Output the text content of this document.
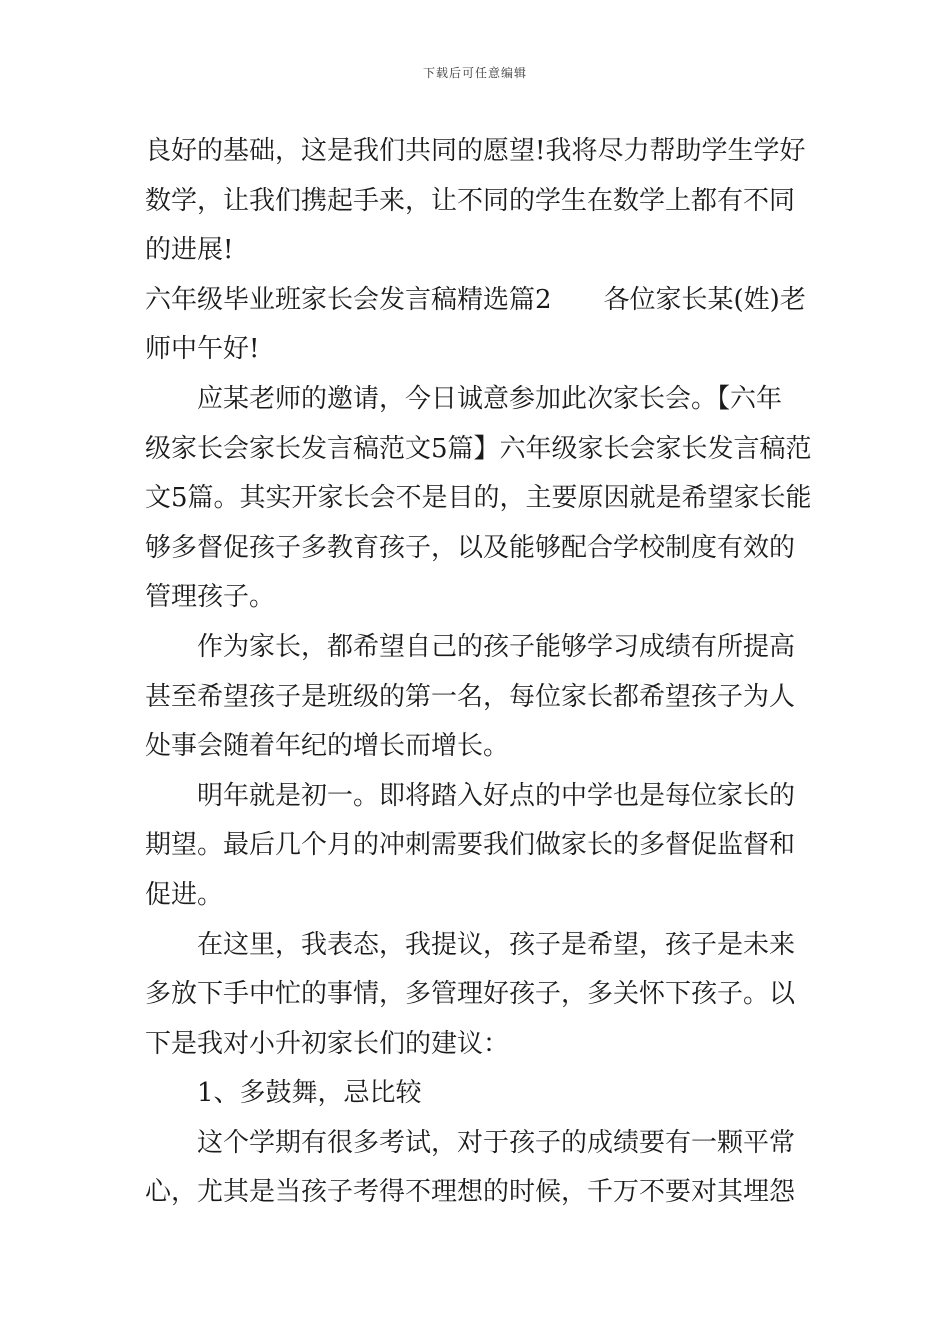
下载后可任意编辑
良好的基础，这是我们共同的愿望!我将尽力帮助学生学好
数学，让我们携起手来，让不同的学生在数学上都有不同
的进展!
六年级毕业班家长会发言稿精选篇2　　各位家长某(姓)老
师中午好!
应某老师的邀请，今日诚意参加此次家长会。【六年
级家长会家长发言稿范文5篇】六年级家长会家长发言稿范
文5篇。其实开家长会不是目的，主要原因就是希望家长能
够多督促孩子多教育孩子，以及能够配合学校制度有效的
管理孩子。
作为家长，都希望自己的孩子能够学习成绩有所提高
甚至希望孩子是班级的第一名，每位家长都希望孩子为人
处事会随着年纪的增长而增长。
明年就是初一。即将踏入好点的中学也是每位家长的
期望。最后几个月的冲刺需要我们做家长的多督促监督和
促进。
在这里，我表态，我提议，孩子是希望，孩子是未来
多放下手中忙的事情，多管理好孩子，多关怀下孩子。以
下是我对小升初家长们的建议：
1、多鼓舞，忌比较
这个学期有很多考试，对于孩子的成绩要有一颗平常
心，尤其是当孩子考得不理想的时候，千万不要对其埋怨
